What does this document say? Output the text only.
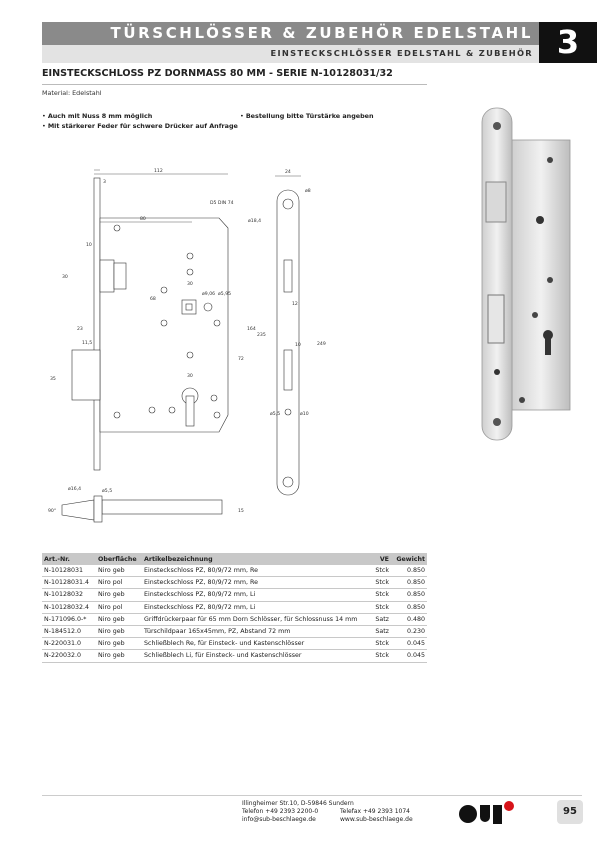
TÜRSCHLÖSSER & ZUBEHÖR EDELSTAHL
EINSTECKSCHLÖSSER EDELSTAHL & ZUBEHÖR 3
EINSTECKSCHLOSS PZ DORNMASS 80 MM - SERIE N-10128031/32
Material: Edelstahl
• Auch mit Nuss 8 mm möglich
• Mit stärkerer Feder für schwere Drücker auf Anfrage
• Bestellung bitte Türstärke angeben
112
3
80
10
30
23
11,5
35
ø9,06 ø5,95
30
68
30
72
164
235
24
D5 DIN 74
ø18,4
ø8
12
10	249
ø5,5	ø10
ø16,4	ø5,5
90°	15
Art.-Nr.	Oberfläche	Artikelbezeichnung	VE	Gewicht
N-10128031	Niro geb	Einsteckschloss PZ, 80/9/72 mm, Re	Stck	0.850
N-10128031.4	Niro pol	Einsteckschloss PZ, 80/9/72 mm, Re	Stck	0.850
N-10128032	Niro geb	Einsteckschloss PZ, 80/9/72 mm, Li	Stck	0.850
N-10128032.4	Niro pol	Einsteckschloss PZ, 80/9/72 mm, Li	Stck	0.850
N-171096.0-*	Niro geb	Griffdrückerpaar für 65 mm Dorn Schlösser, für Schlossnuss 14 mm	Satz	0.480
N-184512.0	Niro geb	Türschildpaar 165x45mm, PZ, Abstand 72 mm	Satz	0.230
N-220031.0	Niro geb	Schließblech Re, für Einsteck- und Kastenschlösser	Stck	0.045
N-220032.0	Niro geb	Schließblech Li, für Einsteck- und Kastenschlösser	Stck	0.045
Illingheimer Str.10, D-59846 Sundern
Telefon +49 2393 2200-0
info@sub-beschlaege.de
Telefax +49 2393 1074
www.sub-beschlaege.de
95
